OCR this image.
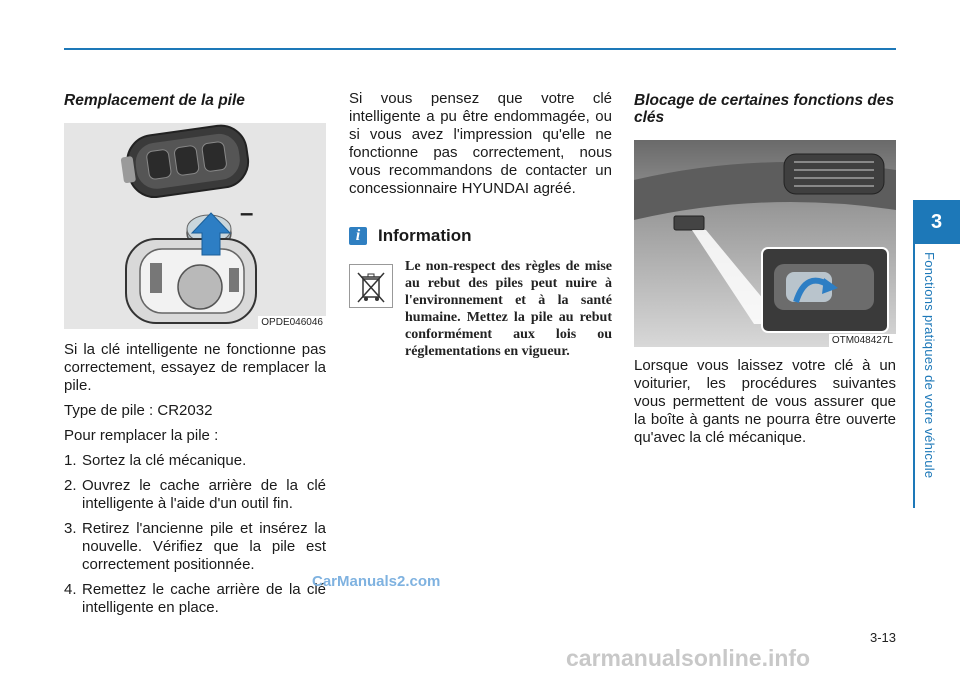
Remplacement de la pile
–
OPDE046046

Si la clé intelligente ne fonctionne pas correctement, essayez de remplacer la pile.

Type de pile : CR2032

Pour remplacer la pile :

1. Sortez la clé mécanique.
2. Ouvrez le cache arrière de la clé intelligente à l'aide d'un outil fin.
3. Retirez l'ancienne pile et insérez la nouvelle. Vérifiez que la pile est correctement positionnée.
4. Remettez le cache arrière de la clé intelligente en place.

Si vous pensez que votre clé intelligente a pu être endommagée, ou si vous avez l'impression qu'elle ne fonctionne pas correctement, nous vous recommandons de contacter un concessionnaire HYUNDAI agréé.

i	Information

Le non-respect des règles de mise au rebut des piles peut nuire à l'environnement et à la santé humaine. Mettez la pile au rebut conformément aux lois ou réglementations en vigueur.

Blocage de certaines fonctions des clés
OTM048427L

Lorsque vous laissez votre clé à un voiturier, les procédures suivantes vous permettent de vous assurer que la boîte à gants ne pourra être ouverte qu'avec la clé mécanique.

3
Fonctions pratiques de votre véhicule
3-13
CarManuals2.com
carmanualsonline.info
